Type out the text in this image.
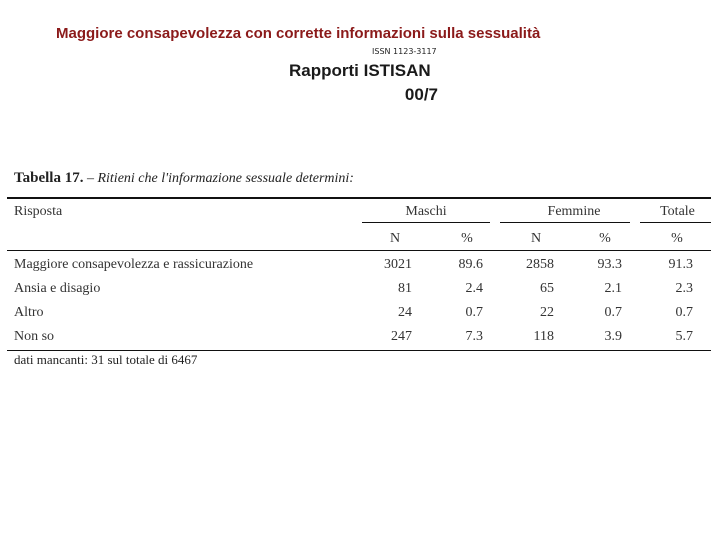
Maggiore consapevolezza con corrette informazioni sulla sessualità
ISSN 1123-3117
Rapporti ISTISAN
00/7
Tabella 17. – Ritieni che l'informazione sessuale determini:
Risposta	Maschi	Femmine	Totale
N	%	N	%	%
Maggiore consapevolezza e rassicurazione	3021	89.6	2858	93.3	91.3
Ansia e disagio	81	2.4	65	2.1	2.3
Altro	24	0.7	22	0.7	0.7
Non so	247	7.3	118	3.9	5.7
dati mancanti: 31 sul totale di 6467
